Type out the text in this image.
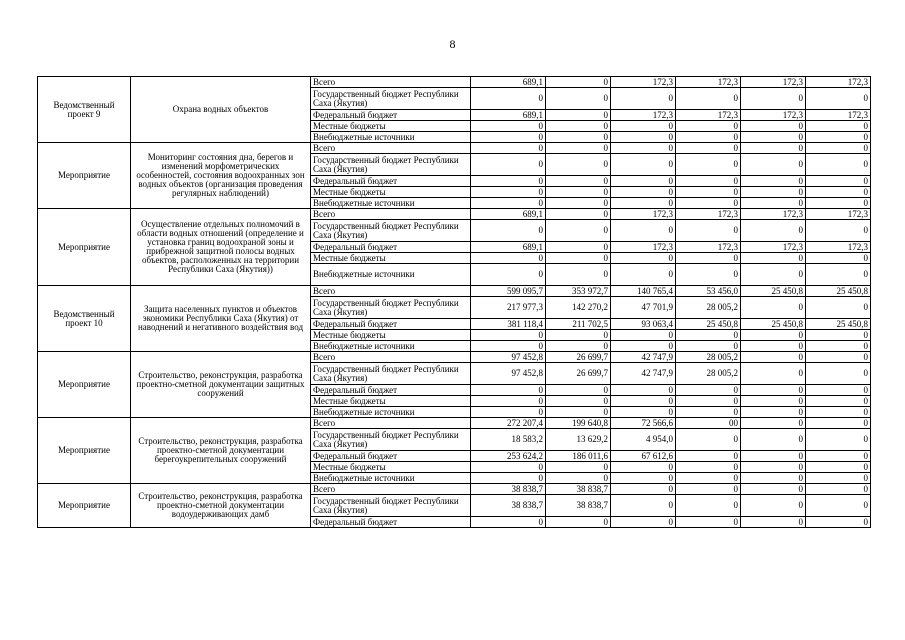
8
Ведомственный проект 9	Охрана водных объектов	Всего	689,1	0	172,3	172,3	172,3	172,3
		Государственный бюджет Республики Саха (Якутия)	0	0	0	0	0	0
		Федеральный бюджет	689,1	0	172,3	172,3	172,3	172,3
		Местные бюджеты	0	0	0	0	0	0
		Внебюджетные источники	0	0	0	0	0	0
Мероприятие	Мониторинг состояния дна, берегов и изменений морфометрических особенностей, состояния водоохранных зон водных объектов (организация проведения регулярных наблюдений)	Всего	0	0	0	0	0	0
		Государственный бюджет Республики Саха (Якутия)	0	0	0	0	0	0
		Федеральный бюджет	0	0	0	0	0	0
		Местные бюджеты	0	0	0	0	0	0
		Внебюджетные источники	0	0	0	0	0	0
Мероприятие	Осуществление отдельных полномочий в области водных отношений (определение и установка границ водоохраной зоны и прибрежной защитной полосы водных объектов, расположенных на территории Республики Саха (Якутия))	Всего	689,1	0	172,3	172,3	172,3	172,3
		Государственный бюджет Республики Саха (Якутия)	0	0	0	0	0	0
		Федеральный бюджет	689,1	0	172,3	172,3	172,3	172,3
		Местные бюджеты	0	0	0	0	0	0
		Внебюджетные источники	0	0	0	0	0	0
Ведомственный проект 10	Защита населенных пунктов и объектов экономики Республики Саха (Якутия) от наводнений и негативного воздействия вод	Всего	599 095,7	353 972,7	140 765,4	53 456,0	25 450,8	25 450,8
		Государственный бюджет Республики Саха (Якутия)	217 977,3	142 270,2	47 701,9	28 005,2	0	0
		Федеральный бюджет	381 118,4	211 702,5	93 063,4	25 450,8	25 450,8	25 450,8
		Местные бюджеты	0	0	0	0	0	0
		Внебюджетные источники	0	0	0	0	0	0
Мероприятие	Строительство, реконструкция, разработка проектно-сметной документации защитных сооружений	Всего	97 452,8	26 699,7	42 747,9	28 005,2	0	0
		Государственный бюджет Республики Саха (Якутия)	97 452,8	26 699,7	42 747,9	28 005,2	0	0
		Федеральный бюджет	0	0	0	0	0	0
		Местные бюджеты	0	0	0	0	0	0
		Внебюджетные источники	0	0	0	0	0	0
Мероприятие	Строительство, реконструкция, разработка проектно-сметной документации берегоукрепительных сооружений	Всего	272 207,4	199 640,8	72 566,6	00	0	0
		Государственный бюджет Республики Саха (Якутия)	18 583,2	13 629,2	4 954,0	0	0	0
		Федеральный бюджет	253 624,2	186 011,6	67 612,6	0	0	0
		Местные бюджеты	0	0	0	0	0	0
		Внебюджетные источники	0	0	0	0	0	0
Мероприятие	Строительство, реконструкция, разработка проектно-сметной документации водоудерживающих дамб	Всего	38 838,7	38 838,7	0	0	0	0
		Государственный бюджет Республики Саха (Якутия)	38 838,7	38 838,7	0	0	0	0
		Федеральный бюджет	0	0	0	0	0	0
